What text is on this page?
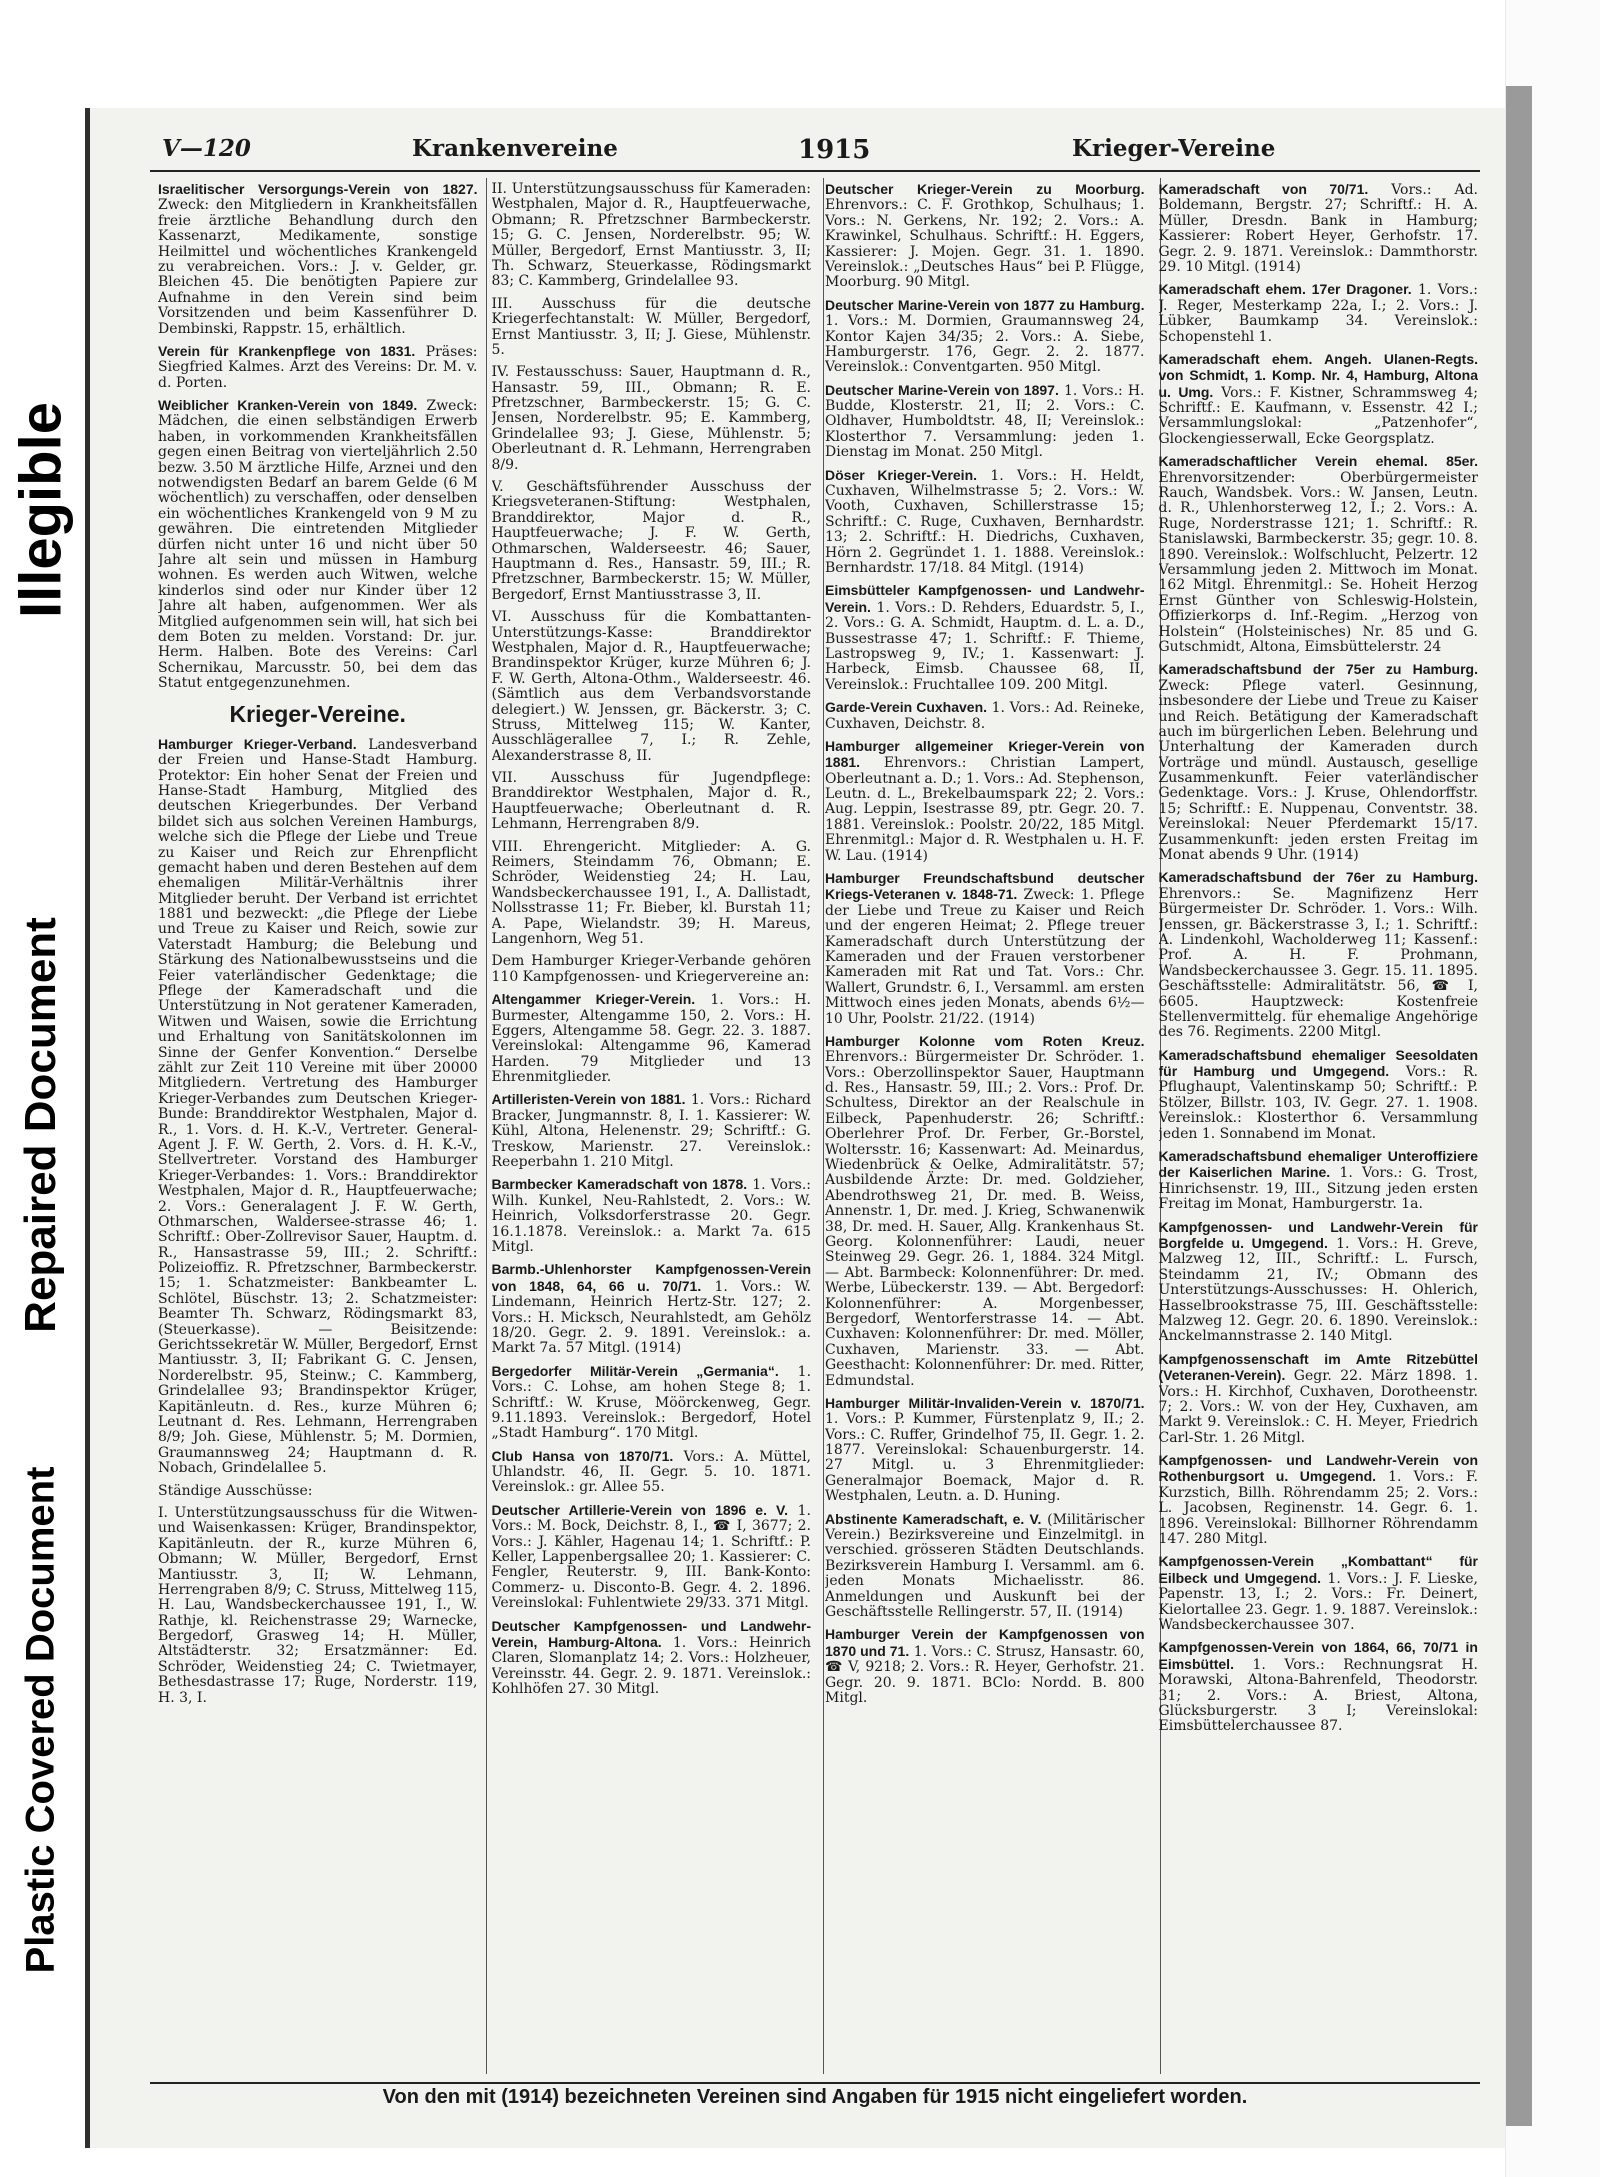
Plastic Covered Document
Repaired Document
Illegible
V—120	Krankenvereine	1915	Krieger-Vereine

Israelitischer Versorgungs-Verein von 1827. Zweck: den Mitgliedern in Krankheitsfällen freie ärztliche Behandlung durch den Kassenarzt, Medikamente, sonstige Heilmittel und wöchentliches Krankengeld zu verabreichen. Vors.: J. v. Gelder, gr. Bleichen 45. Die benötigten Papiere zur Aufnahme in den Verein sind beim Vorsitzenden und beim Kassenführer D. Dembinski, Rappstr. 15, erhältlich.

Verein für Krankenpflege von 1831. Präses: Siegfried Kalmes. Arzt des Vereins: Dr. M. v. d. Porten.

Weiblicher Kranken-Verein von 1849. Zweck: Mädchen, die einen selbständigen Erwerb haben, in vorkommenden Krankheitsfällen gegen einen Beitrag von vierteljährlich 2.50 bezw. 3.50 M ärztliche Hilfe, Arznei und den notwendigsten Bedarf an barem Gelde (6 M wöchentlich) zu verschaffen, oder denselben ein wöchentliches Krankengeld von 9 M zu gewähren. Die eintretenden Mitglieder dürfen nicht unter 16 und nicht über 50 Jahre alt sein und müssen in Hamburg wohnen. Es werden auch Witwen, welche kinderlos sind oder nur Kinder über 12 Jahre alt haben, aufgenommen. Wer als Mitglied aufgenommen sein will, hat sich bei dem Boten zu melden. Vorstand: Dr. jur. Herm. Halben. Bote des Vereins: Carl Schernikau, Marcusstr. 50, bei dem das Statut entgegenzunehmen.

Krieger-Vereine.

Hamburger Krieger-Verband. Landesverband der Freien und Hanse-Stadt Hamburg. Protektor: Ein hoher Senat der Freien und Hanse-Stadt Hamburg, Mitglied des deutschen Kriegerbundes. Der Verband bildet sich aus solchen Vereinen Hamburgs, welche sich die Pflege der Liebe und Treue zu Kaiser und Reich zur Ehrenpflicht gemacht haben und deren Bestehen auf dem ehemaligen Militär-Verhältnis ihrer Mitglieder beruht. Der Verband ist errichtet 1881 und bezweckt: „die Pflege der Liebe und Treue zu Kaiser und Reich, sowie zur Vaterstadt Hamburg; die Belebung und Stärkung des Nationalbewusstseins und die Feier vaterländischer Gedenktage; die Pflege der Kameradschaft und die Unterstützung in Not geratener Kameraden, Witwen und Waisen, sowie die Errichtung und Erhaltung von Sanitätskolonnen im Sinne der Genfer Konvention.“ Derselbe zählt zur Zeit 110 Vereine mit über 20000 Mitgliedern. Vertretung des Hamburger Krieger-Verbandes zum Deutschen Krieger-Bunde: Branddirektor Westphalen, Major d. R., 1. Vors. d. H. K.-V., Vertreter. General-Agent J. F. W. Gerth, 2. Vors. d. H. K.-V., Stellvertreter. Vorstand des Hamburger Krieger-Verbandes: 1. Vors.: Branddirektor Westphalen, Major d. R., Hauptfeuerwache; 2. Vors.: Generalagent J. F. W. Gerth, Othmarschen, Waldersee-strasse 46; 1. Schriftf.: Ober-Zollrevisor Sauer, Hauptm. d. R., Hansastrasse 59, III.; 2. Schriftf.: Polizeioffiz. R. Pfretzschner, Barmbeckerstr. 15; 1. Schatzmeister: Bankbeamter L. Schlötel, Büschstr. 13; 2. Schatzmeister: Beamter Th. Schwarz, Rödingsmarkt 83, (Steuerkasse). — Beisitzende: Gerichtssekretär W. Müller, Bergedorf, Ernst Mantiusstr. 3, II; Fabrikant G. C. Jensen, Norderelbstr. 95, Steinw.; C. Kammberg, Grindelallee 93; Brandinspektor Krüger, Kapitänleutn. d. Res., kurze Mühren 6; Leutnant d. Res. Lehmann, Herrengraben 8/9; Joh. Giese, Mühlenstr. 5; M. Dormien, Graumannsweg 24; Hauptmann d. R. Nobach, Grindelallee 5.

Ständige Ausschüsse:

I. Unterstützungsausschuss für die Witwen- und Waisenkassen: Krüger, Brandinspektor, Kapitänleutn. der R., kurze Mühren 6, Obmann; W. Müller, Bergedorf, Ernst Mantiusstr. 3, II; W. Lehmann, Herrengraben 8/9; C. Struss, Mittelweg 115, H. Lau, Wandsbeckerchaussee 191, I., W. Rathje, kl. Reichenstrasse 29; Warnecke, Bergedorf, Grasweg 14; H. Müller, Altstädterstr. 32; Ersatzmänner: Ed. Schröder, Weidenstieg 24; C. Twietmayer, Bethesdastrasse 17; Ruge, Norderstr. 119, H. 3, I.

II. Unterstützungsausschuss für Kameraden: Westphalen, Major d. R., Hauptfeuerwache, Obmann; R. Pfretzschner Barmbeckerstr. 15; G. C. Jensen, Norderelbstr. 95; W. Müller, Bergedorf, Ernst Mantiusstr. 3, II; Th. Schwarz, Steuerkasse, Rödingsmarkt 83; C. Kammberg, Grindelallee 93.

III. Ausschuss für die deutsche Kriegerfechtanstalt: W. Müller, Bergedorf, Ernst Mantiusstr. 3, II; J. Giese, Mühlenstr. 5.

IV. Festausschuss: Sauer, Hauptmann d. R., Hansastr. 59, III., Obmann; R. E. Pfretzschner, Barmbeckerstr. 15; G. C. Jensen, Norderelbstr. 95; E. Kammberg, Grindelallee 93; J. Giese, Mühlenstr. 5; Oberleutnant d. R. Lehmann, Herrengraben 8/9.

V. Geschäftsführender Ausschuss der Kriegsveteranen-Stiftung: Westphalen, Branddirektor, Major d. R., Hauptfeuerwache; J. F. W. Gerth, Othmarschen, Walderseestr. 46; Sauer, Hauptmann d. Res., Hansastr. 59, III.; R. Pfretzschner, Barmbeckerstr. 15; W. Müller, Bergedorf, Ernst Mantiusstrasse 3, II.

VI. Ausschuss für die Kombattanten-Unterstützungs-Kasse: Branddirektor Westphalen, Major d. R., Hauptfeuerwache; Brandinspektor Krüger, kurze Mühren 6; J. F. W. Gerth, Altona-Othm., Walderseestr. 46. (Sämtlich aus dem Verbandsvorstande delegiert.) W. Jenssen, gr. Bäckerstr. 3; C. Struss, Mittelweg 115; W. Kanter, Ausschlägerallee 7, I.; R. Zehle, Alexanderstrasse 8, II.

VII. Ausschuss für Jugendpflege: Branddirektor Westphalen, Major d. R., Hauptfeuerwache; Oberleutnant d. R. Lehmann, Herrengraben 8/9.

VIII. Ehrengericht. Mitglieder: A. G. Reimers, Steindamm 76, Obmann; E. Schröder, Weidenstieg 24; H. Lau, Wandsbeckerchaussee 191, I., A. Dallistadt, Nollsstrasse 11; Fr. Bieber, kl. Burstah 11; A. Pape, Wielandstr. 39; H. Mareus, Langenhorn, Weg 51.

Dem Hamburger Krieger-Verbande gehören 110 Kampfgenossen- und Kriegervereine an:

Altengammer Krieger-Verein. 1. Vors.: H. Burmester, Altengamme 150, 2. Vors.: H. Eggers, Altengamme 58. Gegr. 22. 3. 1887. Vereinslokal: Altengamme 96, Kamerad Harden. 79 Mitglieder und 13 Ehrenmitglieder.

Artilleristen-Verein von 1881. 1. Vors.: Richard Bracker, Jungmannstr. 8, I. 1. Kassierer: W. Kühl, Altona, Helenenstr. 29; Schriftf.: G. Treskow, Marienstr. 27. Vereinslok.: Reeperbahn 1. 210 Mitgl.

Barmbecker Kameradschaft von 1878. 1. Vors.: Wilh. Kunkel, Neu-Rahlstedt, 2. Vors.: W. Heinrich, Volksdorferstrasse 20. Gegr. 16.1.1878. Vereinslok.: a. Markt 7a. 615 Mitgl.

Barmb.-Uhlenhorster Kampfgenossen-Verein von 1848, 64, 66 u. 70/71. 1. Vors.: W. Lindemann, Heinrich Hertz-Str. 127; 2. Vors.: H. Micksch, Neurahlstedt, am Gehölz 18/20. Gegr. 2. 9. 1891. Vereinslok.: a. Markt 7a. 57 Mitgl. (1914)

Bergedorfer Militär-Verein „Germania“. 1. Vors.: C. Lohse, am hohen Stege 8; 1. Schriftf.: W. Kruse, Möörckenweg, Gegr. 9.11.1893. Vereinslok.: Bergedorf, Hotel „Stadt Hamburg“. 170 Mitgl.

Club Hansa von 1870/71. Vors.: A. Müttel, Uhlandstr. 46, II. Gegr. 5. 10. 1871. Vereinslok.: gr. Allee 55.

Deutscher Artillerie-Verein von 1896 e. V. 1. Vors.: M. Bock, Deichstr. 8, I., ☎ I, 3677; 2. Vors.: J. Kähler, Hagenau 14; 1. Schriftf.: P. Keller, Lappenbergsallee 20; 1. Kassierer: C. Fengler, Reuterstr. 9, III. Bank-Konto: Commerz- u. Disconto-B. Gegr. 4. 2. 1896. Vereinslokal: Fuhlentwiete 29/33. 371 Mitgl.

Deutscher Kampfgenossen- und Landwehr-Verein, Hamburg-Altona. 1. Vors.: Heinrich Claren, Slomanplatz 14; 2. Vors.: Holzheuer, Vereinsstr. 44. Gegr. 2. 9. 1871. Vereinslok.: Kohlhöfen 27. 30 Mitgl.

Deutscher Krieger-Verein zu Moorburg. Ehrenvors.: C. F. Grothkop, Schulhaus; 1. Vors.: N. Gerkens, Nr. 192; 2. Vors.: A. Krawinkel, Schulhaus. Schriftf.: H. Eggers, Kassierer: J. Mojen. Gegr. 31. 1. 1890. Vereinslok.: „Deutsches Haus“ bei P. Flügge, Moorburg. 90 Mitgl.

Deutscher Marine-Verein von 1877 zu Hamburg. 1. Vors.: M. Dormien, Graumannsweg 24, Kontor Kajen 34/35; 2. Vors.: A. Siebe, Hamburgerstr. 176, Gegr. 2. 2. 1877. Vereinslok.: Conventgarten. 950 Mitgl.

Deutscher Marine-Verein von 1897. 1. Vors.: H. Budde, Klosterstr. 21, II; 2. Vors.: C. Oldhaver, Humboldtstr. 48, II; Vereinslok.: Klosterthor 7. Versammlung: jeden 1. Dienstag im Monat. 250 Mitgl.

Döser Krieger-Verein. 1. Vors.: H. Heldt, Cuxhaven, Wilhelmstrasse 5; 2. Vors.: W. Vooth, Cuxhaven, Schillerstrasse 15; Schriftf.: C. Ruge, Cuxhaven, Bernhardstr. 13; 2. Schriftf.: H. Diedrichs, Cuxhaven, Hörn 2. Gegründet 1. 1. 1888. Vereinslok.: Bernhardstr. 17/18. 84 Mitgl. (1914)

Eimsbütteler Kampfgenossen- und Landwehr-Verein. 1. Vors.: D. Rehders, Eduardstr. 5, I., 2. Vors.: G. A. Schmidt, Hauptm. d. L. a. D., Bussestrasse 47; 1. Schriftf.: F. Thieme, Lastropsweg 9, IV.; 1. Kassenwart: J. Harbeck, Eimsb. Chaussee 68, II, Vereinslok.: Fruchtallee 109. 200 Mitgl.

Garde-Verein Cuxhaven. 1. Vors.: Ad. Reineke, Cuxhaven, Deichstr. 8.

Hamburger allgemeiner Krieger-Verein von 1881. Ehrenvors.: Christian Lampert, Oberleutnant a. D.; 1. Vors.: Ad. Stephenson, Leutn. d. L., Brekelbaumspark 22; 2. Vors.: Aug. Leppin, Isestrasse 89, ptr. Gegr. 20. 7. 1881. Vereinslok.: Poolstr. 20/22, 185 Mitgl. Ehrenmitgl.: Major d. R. Westphalen u. H. F. W. Lau. (1914)

Hamburger Freundschaftsbund deutscher Kriegs-Veteranen v. 1848-71. Zweck: 1. Pflege der Liebe und Treue zu Kaiser und Reich und der engeren Heimat; 2. Pflege treuer Kameradschaft durch Unterstützung der Kameraden und der Frauen verstorbener Kameraden mit Rat und Tat. Vors.: Chr. Wallert, Grundstr. 6, I., Versamml. am ersten Mittwoch eines jeden Monats, abends 6½—10 Uhr, Poolstr. 21/22. (1914)

Hamburger Kolonne vom Roten Kreuz. Ehrenvors.: Bürgermeister Dr. Schröder. 1. Vors.: Oberzollinspektor Sauer, Hauptmann d. Res., Hansastr. 59, III.; 2. Vors.: Prof. Dr. Schultess, Direktor an der Realschule in Eilbeck, Papenhuderstr. 26; Schriftf.: Oberlehrer Prof. Dr. Ferber, Gr.-Borstel, Woltersstr. 16; Kassenwart: Ad. Meinardus, Wiedenbrück & Oelke, Admiralitätstr. 57; Ausbildende Ärzte: Dr. med. Goldzieher, Abendrothsweg 21, Dr. med. B. Weiss, Annenstr. 1, Dr. med. J. Krieg, Schwanenwik 38, Dr. med. H. Sauer, Allg. Krankenhaus St. Georg. Kolonnenführer: Laudi, neuer Steinweg 29. Gegr. 26. 1, 1884. 324 Mitgl. — Abt. Barmbeck: Kolonnenführer: Dr. med. Werbe, Lübeckerstr. 139. — Abt. Bergedorf: Kolonnenführer: A. Morgenbesser, Bergedorf, Wentorferstrasse 14. — Abt. Cuxhaven: Kolonnenführer: Dr. med. Möller, Cuxhaven, Marienstr. 33. — Abt. Geesthacht: Kolonnenführer: Dr. med. Ritter, Edmundstal.

Hamburger Militär-Invaliden-Verein v. 1870/71. 1. Vors.: P. Kummer, Fürstenplatz 9, II.; 2. Vors.: C. Ruffer, Grindelhof 75, II. Gegr. 1. 2. 1877. Vereinslokal: Schauenburgerstr. 14. 27 Mitgl. u. 3 Ehrenmitglieder: Generalmajor Boemack, Major d. R. Westphalen, Leutn. a. D. Huning.

Abstinente Kameradschaft, e. V. (Militärischer Verein.) Bezirksvereine und Einzelmitgl. in verschied. grösseren Städten Deutschlands. Bezirksverein Hamburg I. Versamml. am 6. jeden Monats Michaelisstr. 86. Anmeldungen und Auskunft bei der Geschäftsstelle Rellingerstr. 57, II. (1914)

Hamburger Verein der Kampfgenossen von 1870 und 71. 1. Vors.: C. Strusz, Hansastr. 60, ☎ V, 9218; 2. Vors.: R. Heyer, Gerhofstr. 21. Gegr. 20. 9. 1871. BClo: Nordd. B. 800 Mitgl.

Kameradschaft von 70/71. Vors.: Ad. Boldemann, Bergstr. 27; Schriftf.: H. A. Müller, Dresdn. Bank in Hamburg; Kassierer: Robert Heyer, Gerhofstr. 17. Gegr. 2. 9. 1871. Vereinslok.: Dammthorstr. 29. 10 Mitgl. (1914)

Kameradschaft ehem. 17er Dragoner. 1. Vors.: J. Reger, Mesterkamp 22a, I.; 2. Vors.: J. Lübker, Baumkamp 34. Vereinslok.: Schopenstehl 1.

Kameradschaft ehem. Angeh. Ulanen-Regts. von Schmidt, 1. Komp. Nr. 4, Hamburg, Altona u. Umg. Vors.: F. Kistner, Schrammsweg 4; Schriftf.: E. Kaufmann, v. Essenstr. 42 I.; Versammlungslokal: „Patzenhofer“, Glockengiesserwall, Ecke Georgsplatz.

Kameradschaftlicher Verein ehemal. 85er. Ehrenvorsitzender: Oberbürgermeister Rauch, Wandsbek. Vors.: W. Jansen, Leutn. d. R., Uhlenhorsterweg 12, I.; 2. Vors.: A. Ruge, Norderstrasse 121; 1. Schriftf.: R. Stanislawski, Barmbeckerstr. 35; gegr. 10. 8. 1890. Vereinslok.: Wolfschlucht, Pelzertr. 12 Versammlung jeden 2. Mittwoch im Monat. 162 Mitgl. Ehrenmitgl.: Se. Hoheit Herzog Ernst Günther von Schleswig-Holstein, Offizierkorps d. Inf.-Regim. „Herzog von Holstein“ (Holsteinisches) Nr. 85 und G. Gutschmidt, Altona, Eimsbüttelerstr. 24

Kameradschaftsbund der 75er zu Hamburg. Zweck: Pflege vaterl. Gesinnung, insbesondere der Liebe und Treue zu Kaiser und Reich. Betätigung der Kameradschaft auch im bürgerlichen Leben. Belehrung und Unterhaltung der Kameraden durch Vorträge und mündl. Austausch, gesellige Zusammenkunft. Feier vaterländischer Gedenktage. Vors.: J. Kruse, Ohlendorffstr. 15; Schriftf.: E. Nuppenau, Conventstr. 38. Vereinslokal: Neuer Pferdemarkt 15/17. Zusammenkunft: jeden ersten Freitag im Monat abends 9 Uhr. (1914)

Kameradschaftsbund der 76er zu Hamburg. Ehrenvors.: Se. Magnifizenz Herr Bürgermeister Dr. Schröder. 1. Vors.: Wilh. Jenssen, gr. Bäckerstrasse 3, I.; 1. Schriftf.: A. Lindenkohl, Wacholderweg 11; Kassenf.: Prof. A. H. F. Prohmann, Wandsbeckerchaussee 3. Gegr. 15. 11. 1895. Geschäftsstelle: Admiralitätstr. 56, ☎ I, 6605. Hauptzweck: Kostenfreie Stellenvermittelg. für ehemalige Angehörige des 76. Regiments. 2200 Mitgl.

Kameradschaftsbund ehemaliger Seesoldaten für Hamburg und Umgegend. Vors.: R. Pflughaupt, Valentinskamp 50; Schriftf.: P. Stölzer, Billstr. 103, IV. Gegr. 27. 1. 1908. Vereinslok.: Klosterthor 6. Versammlung jeden 1. Sonnabend im Monat.

Kameradschaftsbund ehemaliger Unteroffiziere der Kaiserlichen Marine. 1. Vors.: G. Trost, Hinrichsenstr. 19, III., Sitzung jeden ersten Freitag im Monat, Hamburgerstr. 1a.

Kampfgenossen- und Landwehr-Verein für Borgfelde u. Umgegend. 1. Vors.: H. Greve, Malzweg 12, III., Schriftf.: L. Fursch, Steindamm 21, IV.; Obmann des Unterstützungs-Ausschusses: H. Ohlerich, Hasselbrookstrasse 75, III. Geschäftsstelle: Malzweg 12. Gegr. 20. 6. 1890. Vereinslok.: Anckelmannstrasse 2. 140 Mitgl.

Kampfgenossenschaft im Amte Ritzebüttel (Veteranen-Verein). Gegr. 22. März 1898. 1. Vors.: H. Kirchhof, Cuxhaven, Dorotheenstr. 7; 2. Vors.: W. von der Hey, Cuxhaven, am Markt 9. Vereinslok.: C. H. Meyer, Friedrich Carl-Str. 1. 26 Mitgl.

Kampfgenossen- und Landwehr-Verein von Rothenburgsort u. Umgegend. 1. Vors.: F. Kurzstich, Billh. Röhrendamm 25; 2. Vors.: L. Jacobsen, Reginenstr. 14. Gegr. 6. 1. 1896. Vereinslokal: Billhorner Röhrendamm 147. 280 Mitgl.

Kampfgenossen-Verein „Kombattant“ für Eilbeck und Umgegend. 1. Vors.: J. F. Lieske, Papenstr. 13, I.; 2. Vors.: Fr. Deinert, Kielortallee 23. Gegr. 1. 9. 1887. Vereinslok.: Wandsbeckerchaussee 307.

Kampfgenossen-Verein von 1864, 66, 70/71 in Eimsbüttel. 1. Vors.: Rechnungsrat H. Morawski, Altona-Bahrenfeld, Theodorstr. 31; 2. Vors.: A. Briest, Altona, Glücksburgerstr. 3 I; Vereinslokal: Eimsbüttelerchaussee 87.

Von den mit (1914) bezeichneten Vereinen sind Angaben für 1915 nicht eingeliefert worden.
